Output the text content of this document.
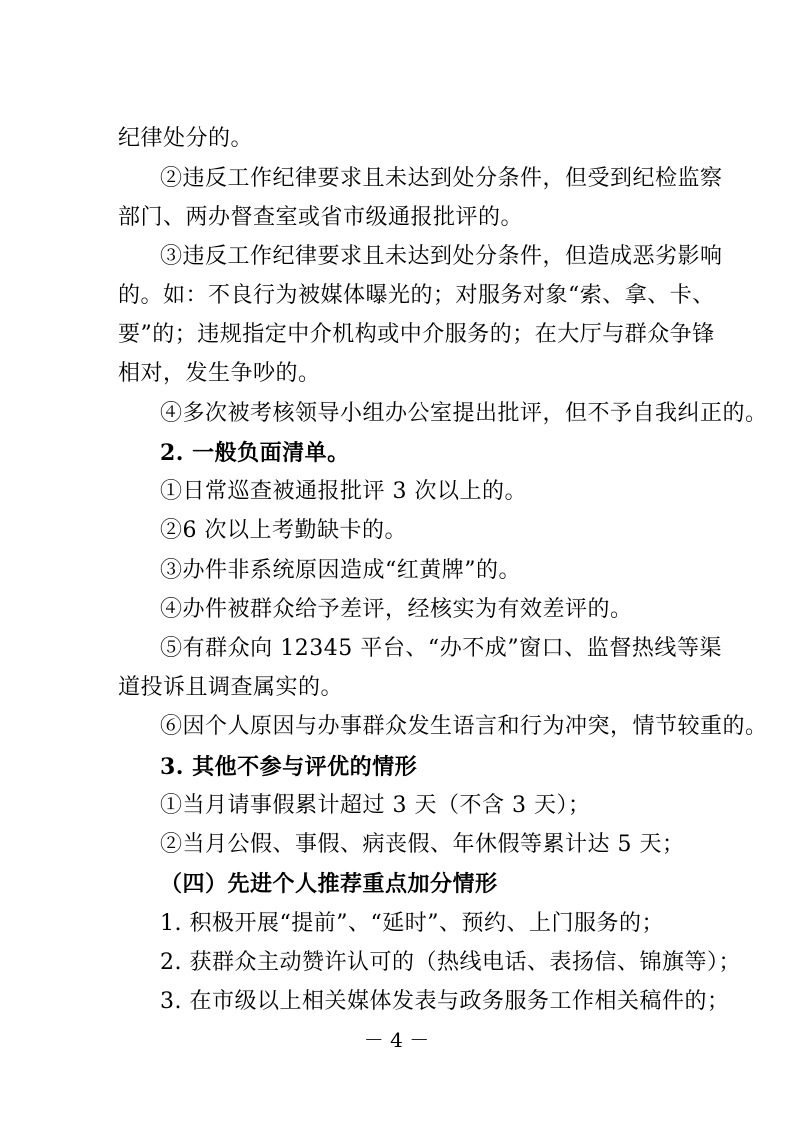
纪律处分的。
②违反工作纪律要求且未达到处分条件，但受到纪检监察
部门、两办督查室或省市级通报批评的。
③违反工作纪律要求且未达到处分条件，但造成恶劣影响
的。如：不良行为被媒体曝光的；对服务对象“索、拿、卡、
要”的；违规指定中介机构或中介服务的；在大厅与群众争锋
相对，发生争吵的。
④多次被考核领导小组办公室提出批评，但不予自我纠正的。
2. 一般负面清单。
①日常巡查被通报批评 3 次以上的。
②6 次以上考勤缺卡的。
③办件非系统原因造成“红黄牌”的。
④办件被群众给予差评，经核实为有效差评的。
⑤有群众向 12345 平台、“办不成”窗口、监督热线等渠
道投诉且调查属实的。
⑥因个人原因与办事群众发生语言和行为冲突，情节较重的。
3. 其他不参与评优的情形
①当月请事假累计超过 3 天（不含 3 天）；
②当月公假、事假、病丧假、年休假等累计达 5 天；
（四）先进个人推荐重点加分情形
1. 积极开展“提前”、“延时”、预约、上门服务的；
2. 获群众主动赞许认可的（热线电话、表扬信、锦旗等）；
3. 在市级以上相关媒体发表与政务服务工作相关稿件的；
－ 4 －
